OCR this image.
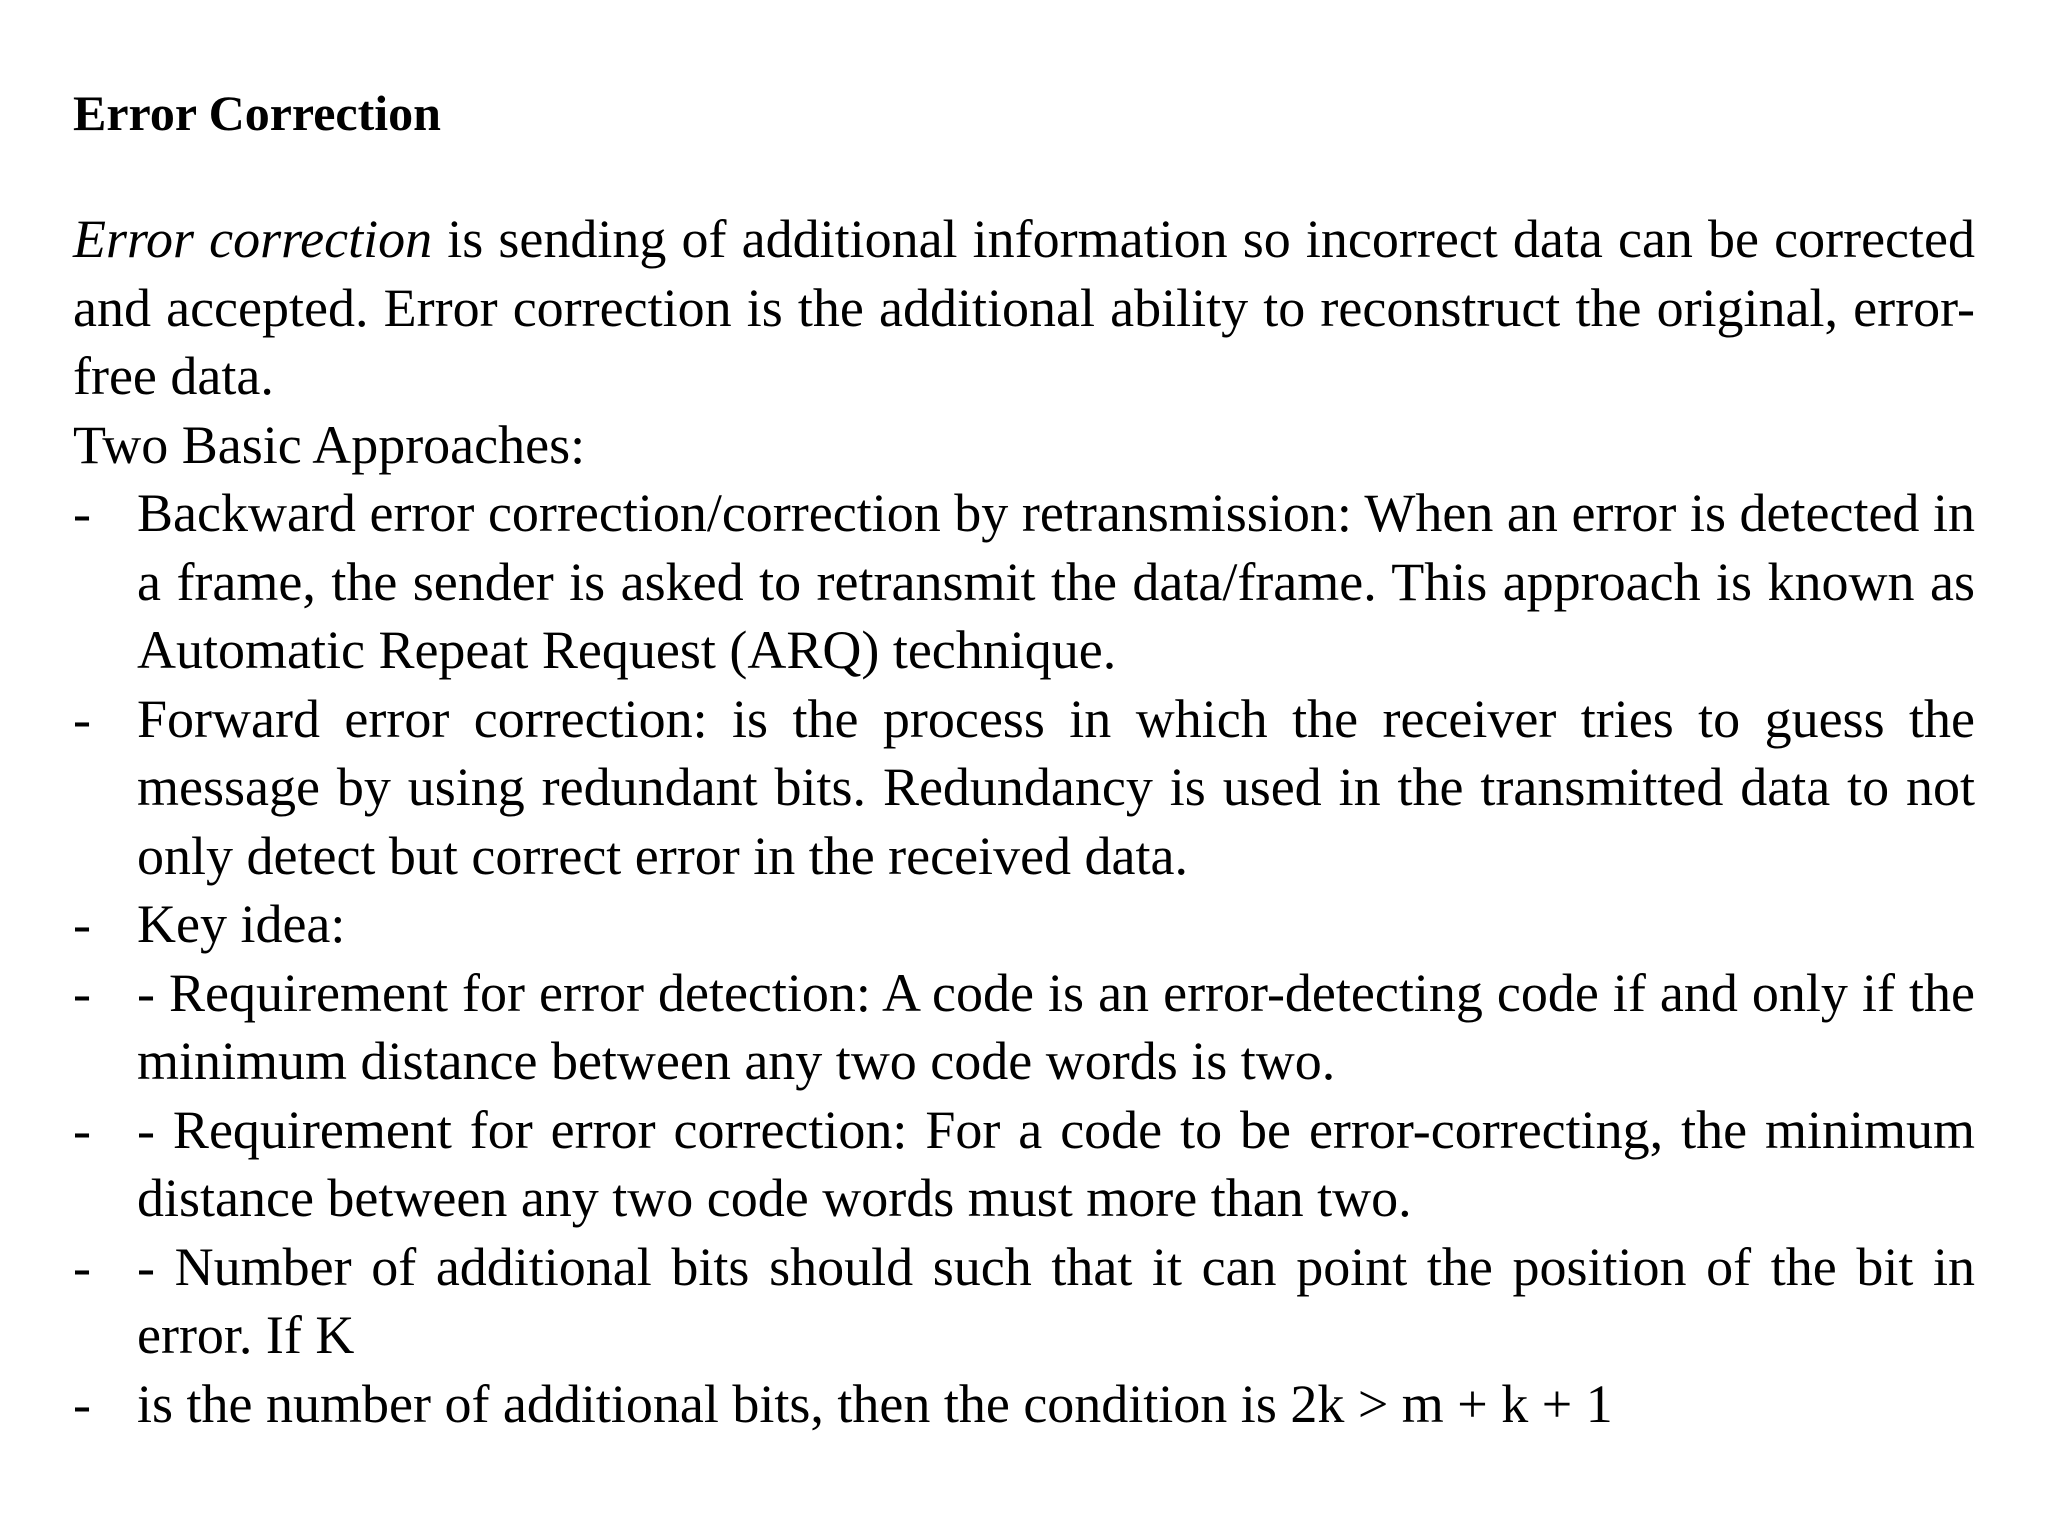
Error Correction

Error correction is sending of additional information so incorrect data can be corrected and accepted. Error correction is the additional ability to reconstruct the original, error-free data.

Two Basic Approaches:

- Backward error correction/correction by retransmission: When an error is detected in a frame, the sender is asked to retransmit the data/frame. This approach is known as Automatic Repeat Request (ARQ) technique.
- Forward error correction: is the process in which the receiver tries to guess the message by using redundant bits. Redundancy is used in the transmitted data to not only detect but correct error in the received data.
- Key idea:
- - Requirement for error detection: A code is an error-detecting code if and only if the minimum distance between any two code words is two.
- - Requirement for error correction: For a code to be error-correcting, the minimum distance between any two code words must more than two.
- - Number of additional bits should such that it can point the position of the bit in error. If K
- is the number of additional bits, then the condition is 2k > m + k + 1
